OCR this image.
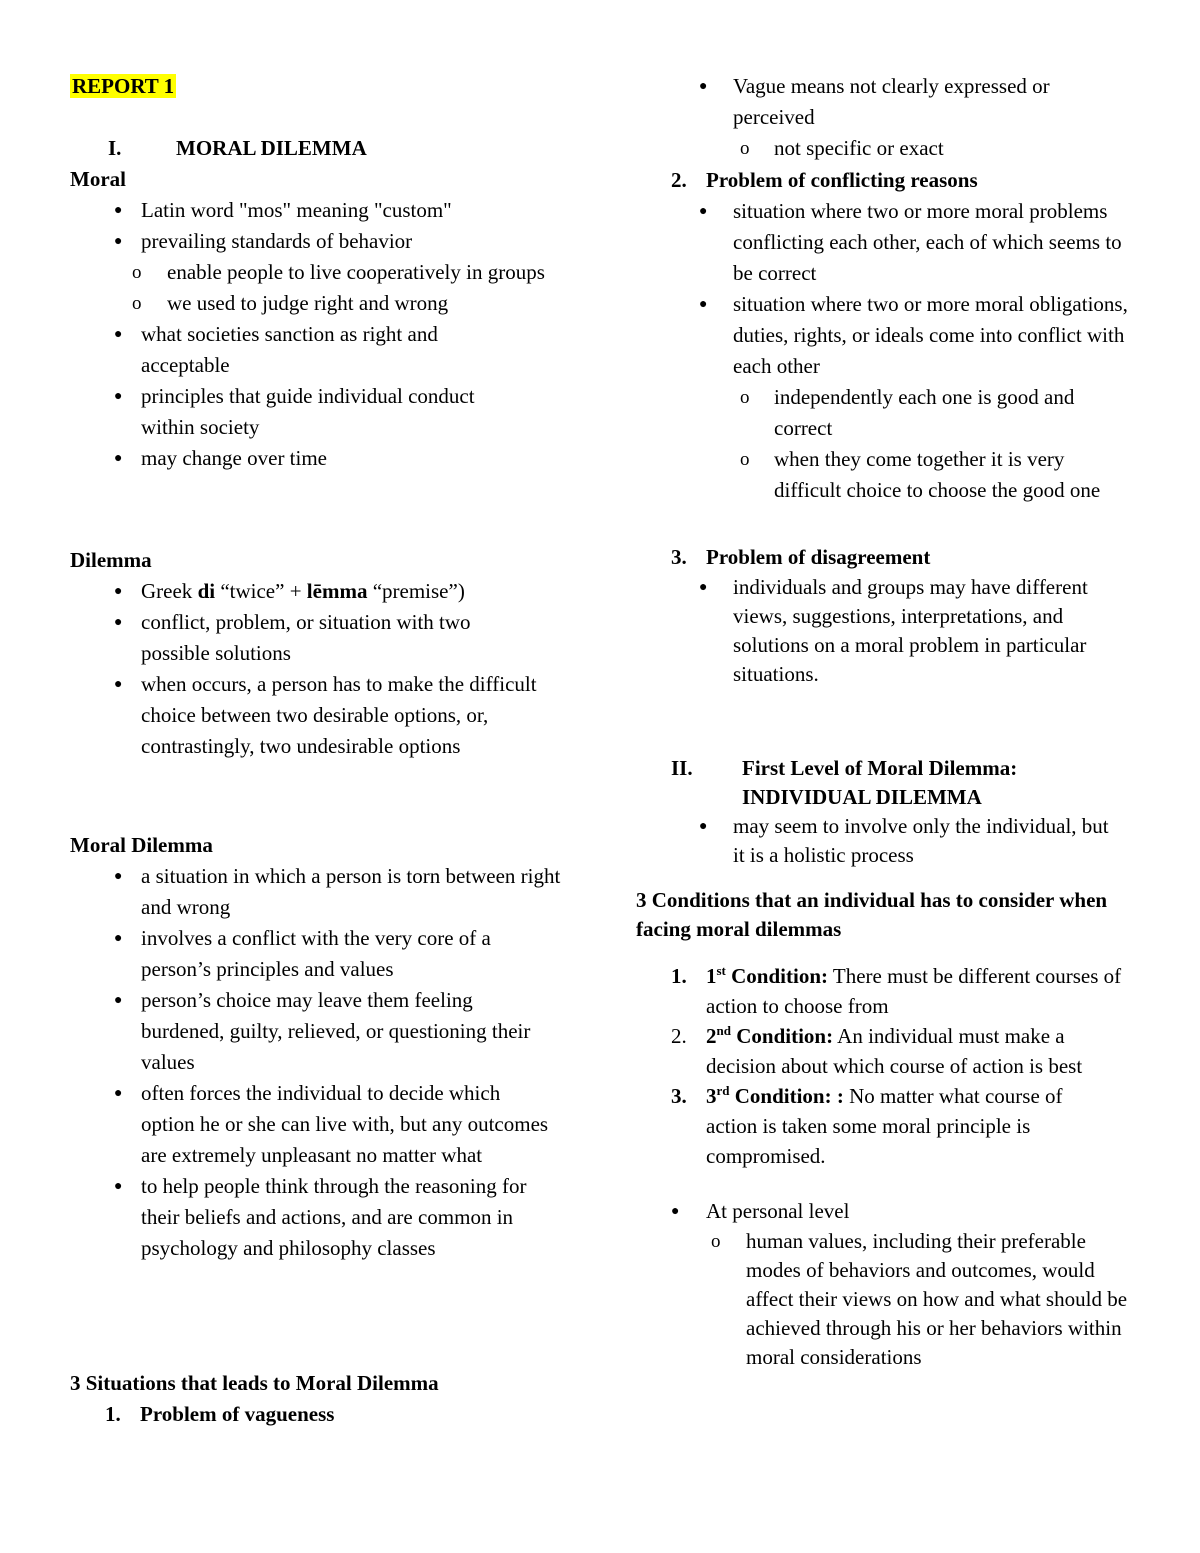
REPORT 1
I.	MORAL DILEMMA
Moral
● Latin word "mos" meaning "custom"
● prevailing standards of behavior
o enable people to live cooperatively in groups
o we used to judge right and wrong
● what societies sanction as right and acceptable
● principles that guide individual conduct within society
● may change over time
Dilemma
● Greek di “twice” + lēmma “premise”)
● conflict, problem, or situation with two possible solutions
● when occurs, a person has to make the difficult choice between two desirable options, or, contrastingly, two undesirable options
Moral Dilemma
● a situation in which a person is torn between right and wrong
● involves a conflict with the very core of a person’s principles and values
● person’s choice may leave them feeling burdened, guilty, relieved, or questioning their values
● often forces the individual to decide which option he or she can live with, but any outcomes are extremely unpleasant no matter what
● to help people think through the reasoning for their beliefs and actions, and are common in psychology and philosophy classes
3 Situations that leads to Moral Dilemma
1. Problem of vagueness
● Vague means not clearly expressed or perceived
o not specific or exact
2. Problem of conflicting reasons
● situation where two or more moral problems conflicting each other, each of which seems to be correct
● situation where two or more moral obligations, duties, rights, or ideals come into conflict with each other
o independently each one is good and correct
o when they come together it is very difficult choice to choose the good one
3. Problem of disagreement
● individuals and groups may have different views, suggestions, interpretations, and solutions on a moral problem in particular situations.
II.	First Level of Moral Dilemma:
INDIVIDUAL DILEMMA
● may seem to involve only the individual, but it is a holistic process
3 Conditions that an individual has to consider when facing moral dilemmas
1. 1st Condition: There must be different courses of action to choose from
2. 2nd Condition: An individual must make a decision about which course of action is best
3. 3rd Condition: : No matter what course of action is taken some moral principle is compromised.
● At personal level
o human values, including their preferable modes of behaviors and outcomes, would affect their views on how and what should be achieved through his or her behaviors within moral considerations
